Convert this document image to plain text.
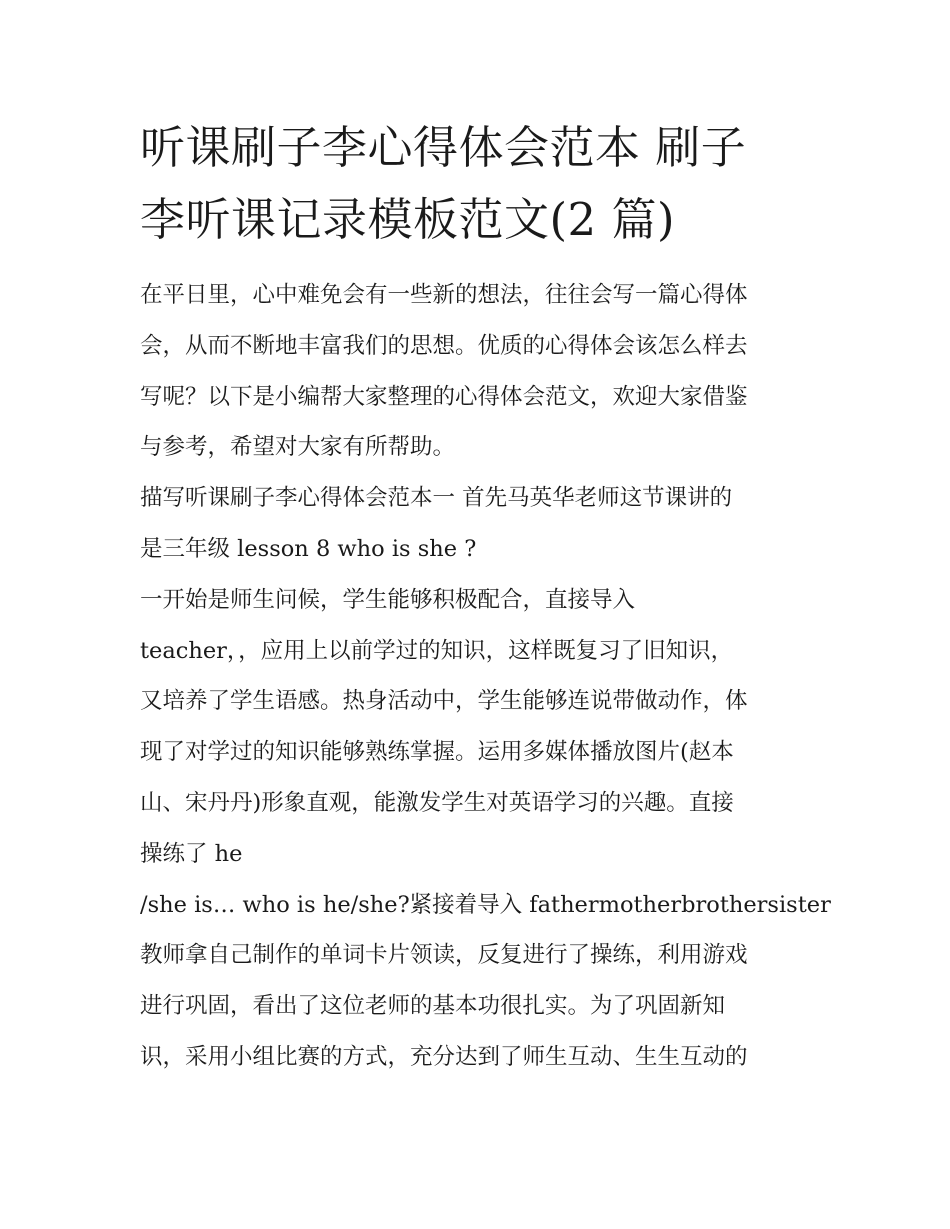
听课刷子李心得体会范本 刷子
李听课记录模板范文(2 篇)
在平日里，心中难免会有一些新的想法，往往会写一篇心得体
会，从而不断地丰富我们的思想。优质的心得体会该怎么样去
写呢？以下是小编帮大家整理的心得体会范文，欢迎大家借鉴
与参考，希望对大家有所帮助。
描写听课刷子李心得体会范本一 首先马英华老师这节课讲的
是三年级 lesson 8 who is she ?
一开始是师生问候，学生能够积极配合，直接导入
teacher，，应用上以前学过的知识，这样既复习了旧知识，
又培养了学生语感。热身活动中，学生能够连说带做动作，体
现了对学过的知识能够熟练掌握。运用多媒体播放图片(赵本
山、宋丹丹)形象直观，能激发学生对英语学习的兴趣。直接
操练了 he
/she is… who is he/she?紧接着导入 fathermotherbrothersister
教师拿自己制作的单词卡片领读，反复进行了操练，利用游戏
进行巩固，看出了这位老师的基本功很扎实。为了巩固新知
识，采用小组比赛的方式，充分达到了师生互动、生生互动的
